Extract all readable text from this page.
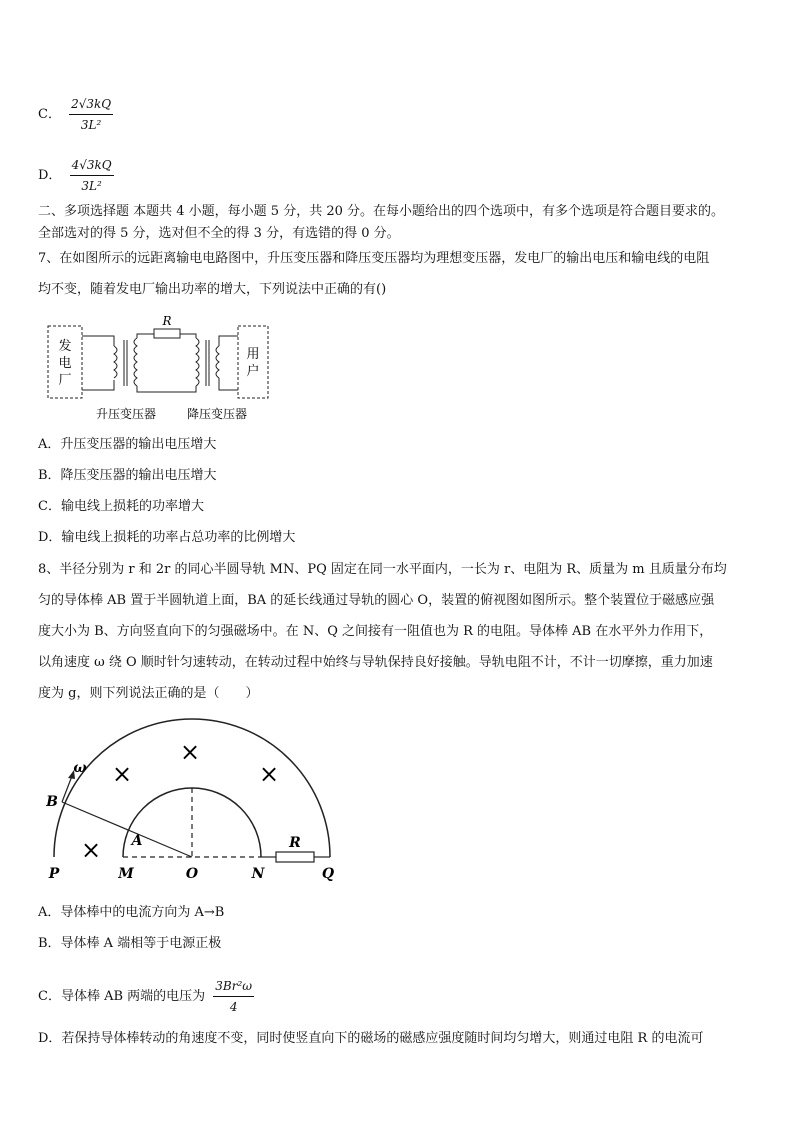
C． $\frac{2√3kQ}{\text{3L²}}$
D． $\frac{4√3kQ}{\text{3L²}}$
二、多项选择题 本题共 4 小题，每小题 5 分，共 20 分。在每小题给出的四个选项中，有多个选项是符合题目要求的。
全部选对的得 5 分，选对但不全的得 3 分，有选错的得 0 分。
7、在如图所示的远距离输电电路图中，升压变压器和降压变压器均为理想变压器，发电厂的输出电压和输电线的电阻
均不变，随着发电厂输出功率的增大，下列说法中正确的有()
发
电
厂
R
用
户
升压变压器	降压变压器
A．升压变压器的输出电压增大
B．降压变压器的输出电压增大
C．输电线上损耗的功率增大
D．输电线上损耗的功率占总功率的比例增大
8、半径分别为 r 和 2r 的同心半圆导轨 MN、PQ 固定在同一水平面内，一长为 r、电阻为 R、质量为 m 且质量分布均
匀的导体棒 AB 置于半圆轨道上面，BA 的延长线通过导轨的圆心 O，装置的俯视图如图所示。整个装置位于磁感应强
度大小为 B、方向竖直向下的匀强磁场中。在 N、Q 之间接有一阻值也为 R 的电阻。导体棒 AB 在水平外力作用下，
以角速度 ω 绕 O 顺时针匀速转动，在转动过程中始终与导轨保持良好接触。导轨电阻不计，不计一切摩擦，重力加速
度为 g，则下列说法正确的是（　　）
×
×
×
×
P	M	O	N	Q
A
B
R
ω
A．导体棒中的电流方向为 A→B
B．导体棒 A 端相等于电源正极
C．导体棒 AB 两端的电压为 $\frac{\text{3Br²ω}}{4}$
D．若保持导体棒转动的角速度不变，同时使竖直向下的磁场的磁感应强度随时间均匀增大，则通过电阻 R 的电流可
